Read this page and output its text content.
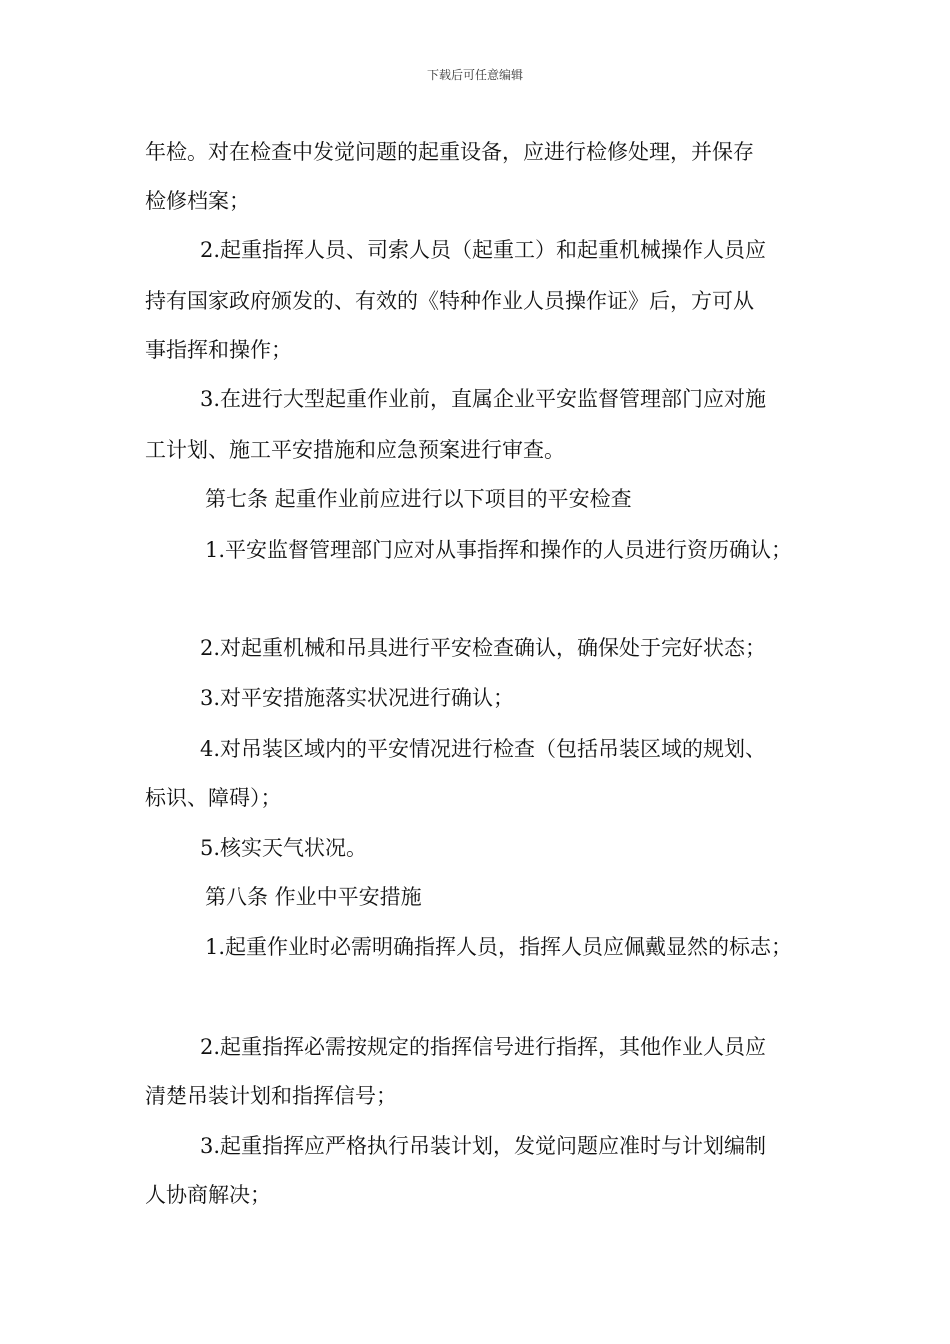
下载后可任意编辑
年检。对在检查中发觉问题的起重设备，应进行检修处理，并保存
检修档案；
2.起重指挥人员、司索人员（起重工）和起重机械操作人员应
持有国家政府颁发的、有效的《特种作业人员操作证》后，方可从
事指挥和操作；
3.在进行大型起重作业前，直属企业平安监督管理部门应对施
工计划、施工平安措施和应急预案进行审查。
第七条 起重作业前应进行以下项目的平安检查
1.平安监督管理部门应对从事指挥和操作的人员进行资历确认；
2.对起重机械和吊具进行平安检查确认，确保处于完好状态；
3.对平安措施落实状况进行确认；
4.对吊装区域内的平安情况进行检查（包括吊装区域的规划、
标识、障碍）；
5.核实天气状况。
第八条 作业中平安措施
1.起重作业时必需明确指挥人员，指挥人员应佩戴显然的标志；
2.起重指挥必需按规定的指挥信号进行指挥，其他作业人员应
清楚吊装计划和指挥信号；
3.起重指挥应严格执行吊装计划，发觉问题应准时与计划编制
人协商解决；
